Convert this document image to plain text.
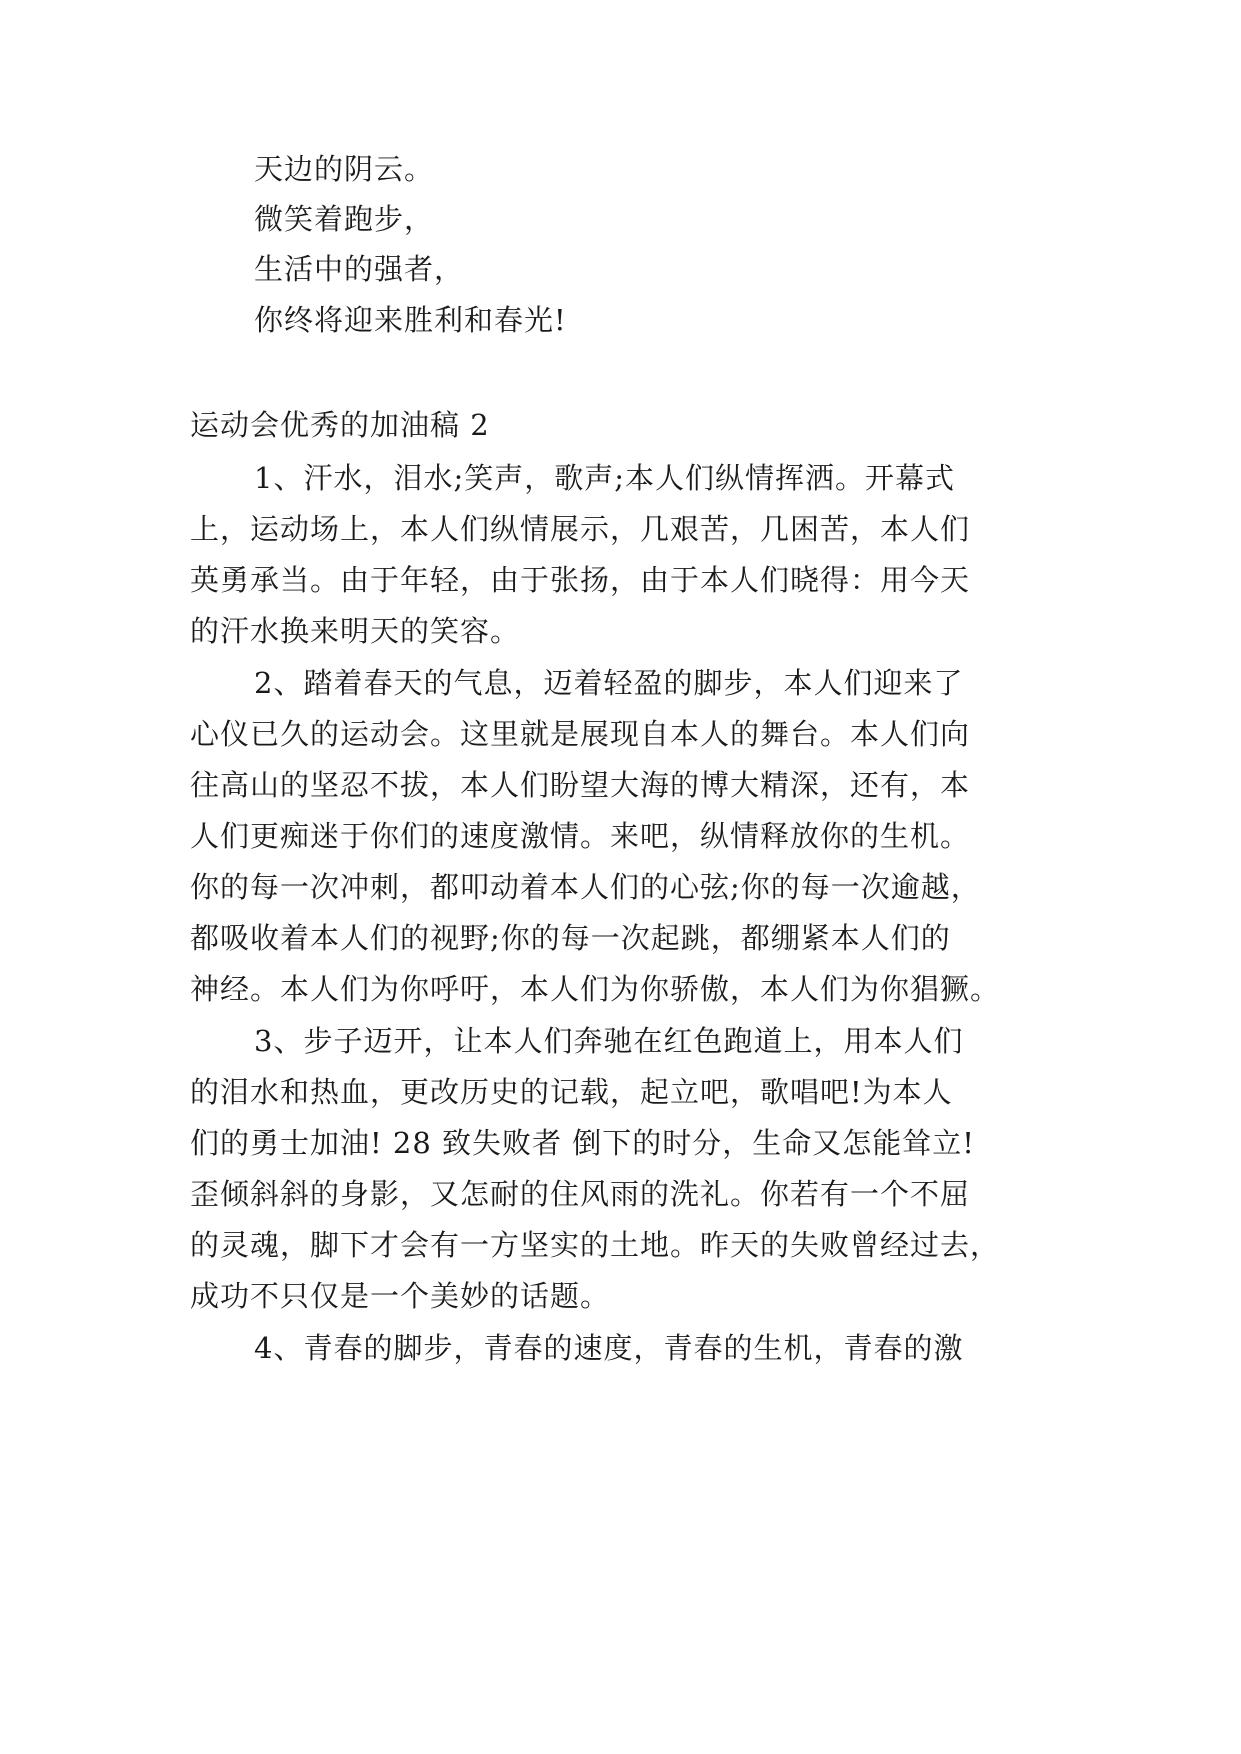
天边的阴云。
微笑着跑步，
生活中的强者，
你终将迎来胜利和春光!
运动会优秀的加油稿 2
1、汗水，泪水;笑声，歌声;本人们纵情挥洒。开幕式
上，运动场上，本人们纵情展示，几艰苦，几困苦，本人们
英勇承当。由于年轻，由于张扬，由于本人们晓得：用今天
的汗水换来明天的笑容。
2、踏着春天的气息，迈着轻盈的脚步，本人们迎来了
心仪已久的运动会。这里就是展现自本人的舞台。本人们向
往高山的坚忍不拔，本人们盼望大海的博大精深，还有，本
人们更痴迷于你们的速度激情。来吧，纵情释放你的生机。
你的每一次冲刺，都叩动着本人们的心弦;你的每一次逾越，
都吸收着本人们的视野;你的每一次起跳，都绷紧本人们的
神经。本人们为你呼吁，本人们为你骄傲，本人们为你猖獗。
3、步子迈开，让本人们奔驰在红色跑道上，用本人们
的泪水和热血，更改历史的记载，起立吧，歌唱吧!为本人
们的勇士加油! 28 致失败者 倒下的时分，生命又怎能耸立!
歪倾斜斜的身影，又怎耐的住风雨的洗礼。你若有一个不屈
的灵魂，脚下才会有一方坚实的土地。昨天的失败曾经过去，
成功不只仅是一个美妙的话题。
4、青春的脚步，青春的速度，青春的生机，青春的激
